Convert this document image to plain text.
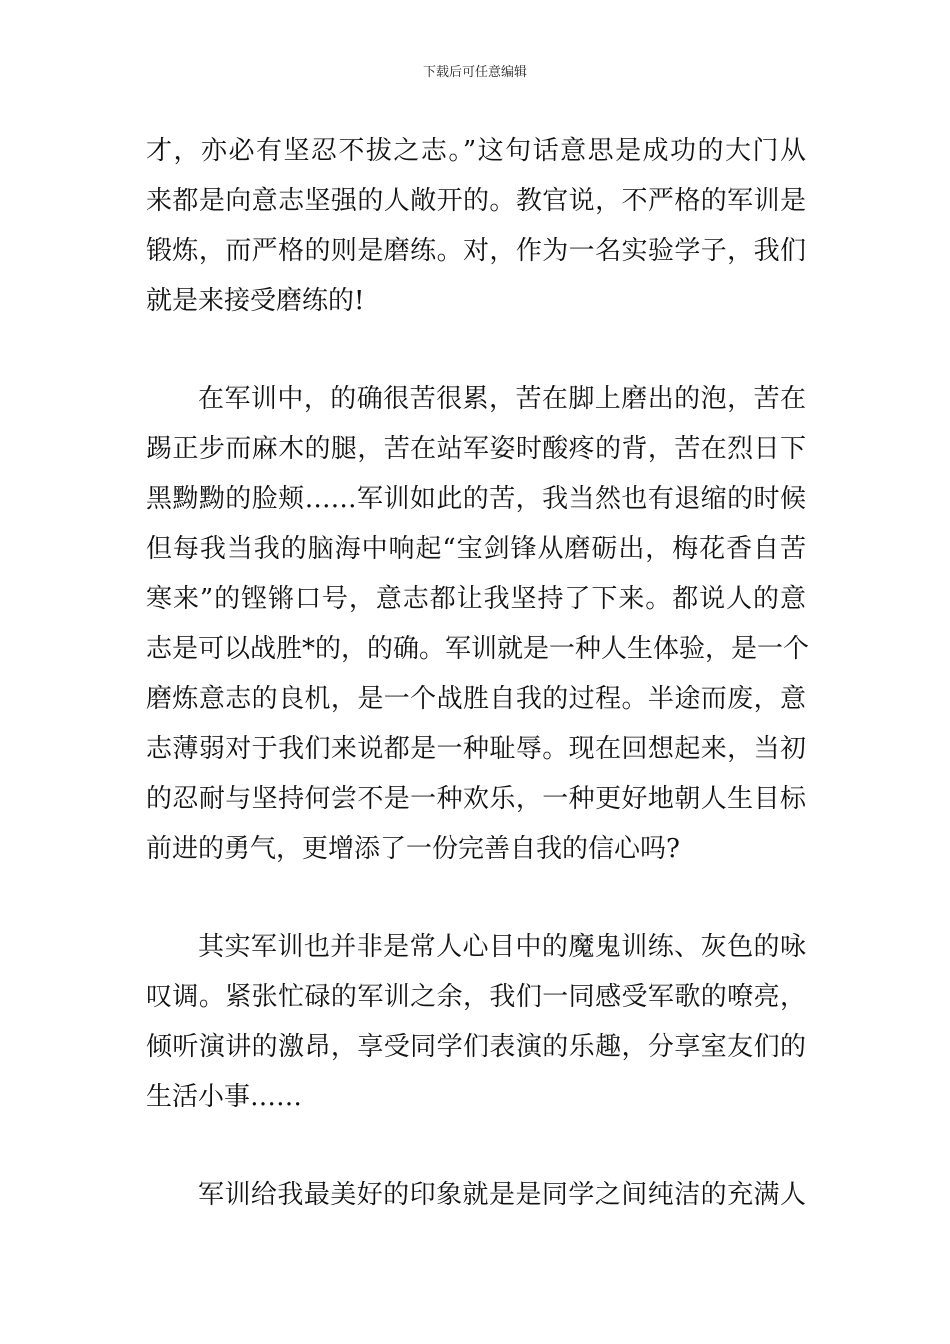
下载后可任意编辑

才，亦必有坚忍不拔之志。”这句话意思是成功的大门从
来都是向意志坚强的人敞开的。教官说，不严格的军训是
锻炼，而严格的则是磨练。对，作为一名实验学子，我们
就是来接受磨练的!

在军训中，的确很苦很累，苦在脚上磨出的泡，苦在
踢正步而麻木的腿，苦在站军姿时酸疼的背，苦在烈日下
黑黝黝的脸颊……军训如此的苦，我当然也有退缩的时候
但每我当我的脑海中响起“宝剑锋从磨砺出，梅花香自苦
寒来”的铿锵口号，意志都让我坚持了下来。都说人的意
志是可以战胜*的，的确。军训就是一种人生体验，是一个
磨炼意志的良机，是一个战胜自我的过程。半途而废，意
志薄弱对于我们来说都是一种耻辱。现在回想起来，当初
的忍耐与坚持何尝不是一种欢乐，一种更好地朝人生目标
前进的勇气，更增添了一份完善自我的信心吗?

其实军训也并非是常人心目中的魔鬼训练、灰色的咏
叹调。紧张忙碌的军训之余，我们一同感受军歌的嘹亮，
倾听演讲的激昂，享受同学们表演的乐趣，分享室友们的
生活小事……

军训给我最美好的印象就是是同学之间纯洁的充满人
